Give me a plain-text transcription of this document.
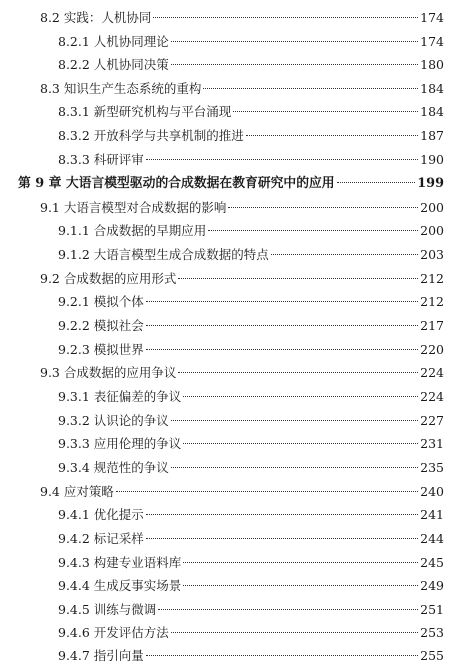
8.2 实践：人机协同	174
8.2.1 人机协同理论	174
8.2.2 人机协同决策	180
8.3 知识生产生态系统的重构	184
8.3.1 新型研究机构与平台涌现	184
8.3.2 开放科学与共享机制的推进	187
8.3.3 科研评审	190
第 9 章 大语言模型驱动的合成数据在教育研究中的应用	199
9.1 大语言模型对合成数据的影响	200
9.1.1 合成数据的早期应用	200
9.1.2 大语言模型生成合成数据的特点	203
9.2 合成数据的应用形式	212
9.2.1 模拟个体	212
9.2.2 模拟社会	217
9.2.3 模拟世界	220
9.3 合成数据的应用争议	224
9.3.1 表征偏差的争议	224
9.3.2 认识论的争议	227
9.3.3 应用伦理的争议	231
9.3.4 规范性的争议	235
9.4 应对策略	240
9.4.1 优化提示	241
9.4.2 标记采样	244
9.4.3 构建专业语料库	245
9.4.4 生成反事实场景	249
9.4.5 训练与微调	251
9.4.6 开发评估方法	253
9.4.7 指引向量	255
